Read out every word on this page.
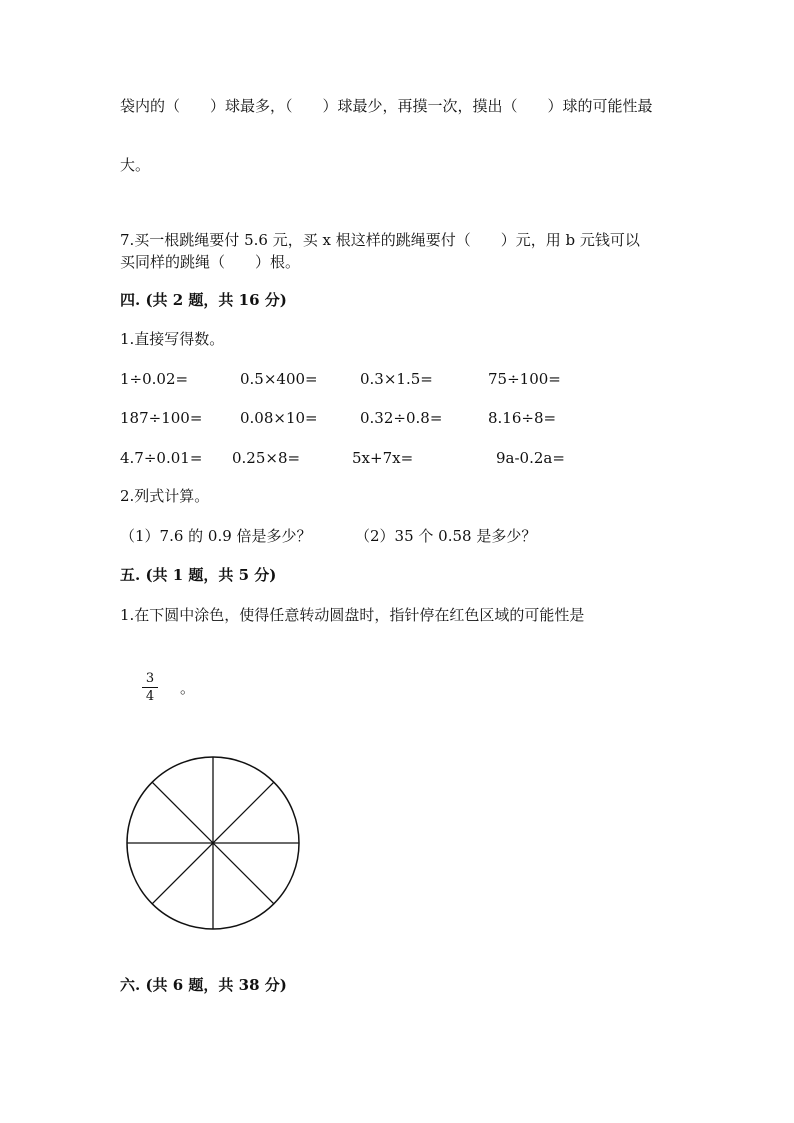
袋内的（　　）球最多，（　　）球最少，再摸一次，摸出（　　）球的可能性最
大。
7.买一根跳绳要付 5.6 元，买 x 根这样的跳绳要付（　　）元，用 b 元钱可以
买同样的跳绳（　　）根。
四. (共 2 题，共 16 分)
1.直接写得数。
1÷0.02=	0.5×400=	0.3×1.5=	75÷100=
187÷100=	0.08×10=	0.32÷0.8=	8.16÷8=
4.7÷0.01= 0.25×8=	5x+7x=	9a-0.2a=
2.列式计算。
（1）7.6 的 0.9 倍是多少？	（2）35 个 0.58 是多少？
五. (共 1 题，共 5 分)
1.在下圆中涂色，使得任意转动圆盘时，指针停在红色区域的可能性是
3
4	。
六. (共 6 题，共 38 分)
